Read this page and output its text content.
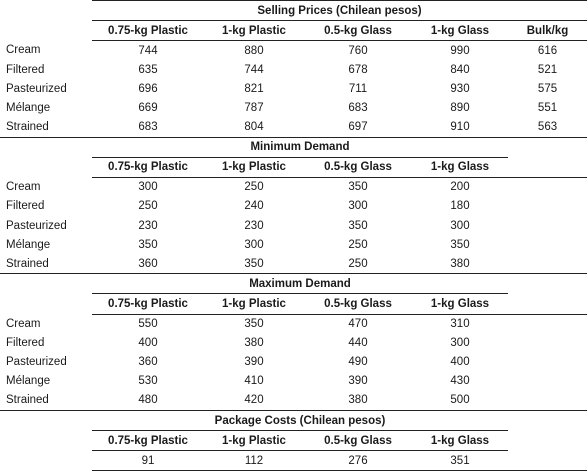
	Selling Prices (Chilean pesos)				
	0.75-kg Plastic	1-kg Plastic	0.5-kg Glass	1-kg Glass	Bulk/kg
Cream	744	880	760	990	616
Filtered	635	744	678	840	521
Pasteurized	696	821	711	930	575
Mélange	669	787	683	890	551
Strained	683	804	697	910	563
	Minimum Demand				
	0.75-kg Plastic	1-kg Plastic	0.5-kg Glass	1-kg Glass	
Cream	300	250	350	200	
Filtered	250	240	300	180	
Pasteurized	230	230	350	300	
Mélange	350	300	250	350	
Strained	360	350	250	380	
	Maximum Demand				
	0.75-kg Plastic	1-kg Plastic	0.5-kg Glass	1-kg Glass	
Cream	550	350	470	310	
Filtered	400	380	440	300	
Pasteurized	360	390	490	400	
Mélange	530	410	390	430	
Strained	480	420	380	500	
	Package Costs (Chilean pesos)				
	0.75-kg Plastic	1-kg Plastic	0.5-kg Glass	1-kg Glass	
	91	112	276	351	
